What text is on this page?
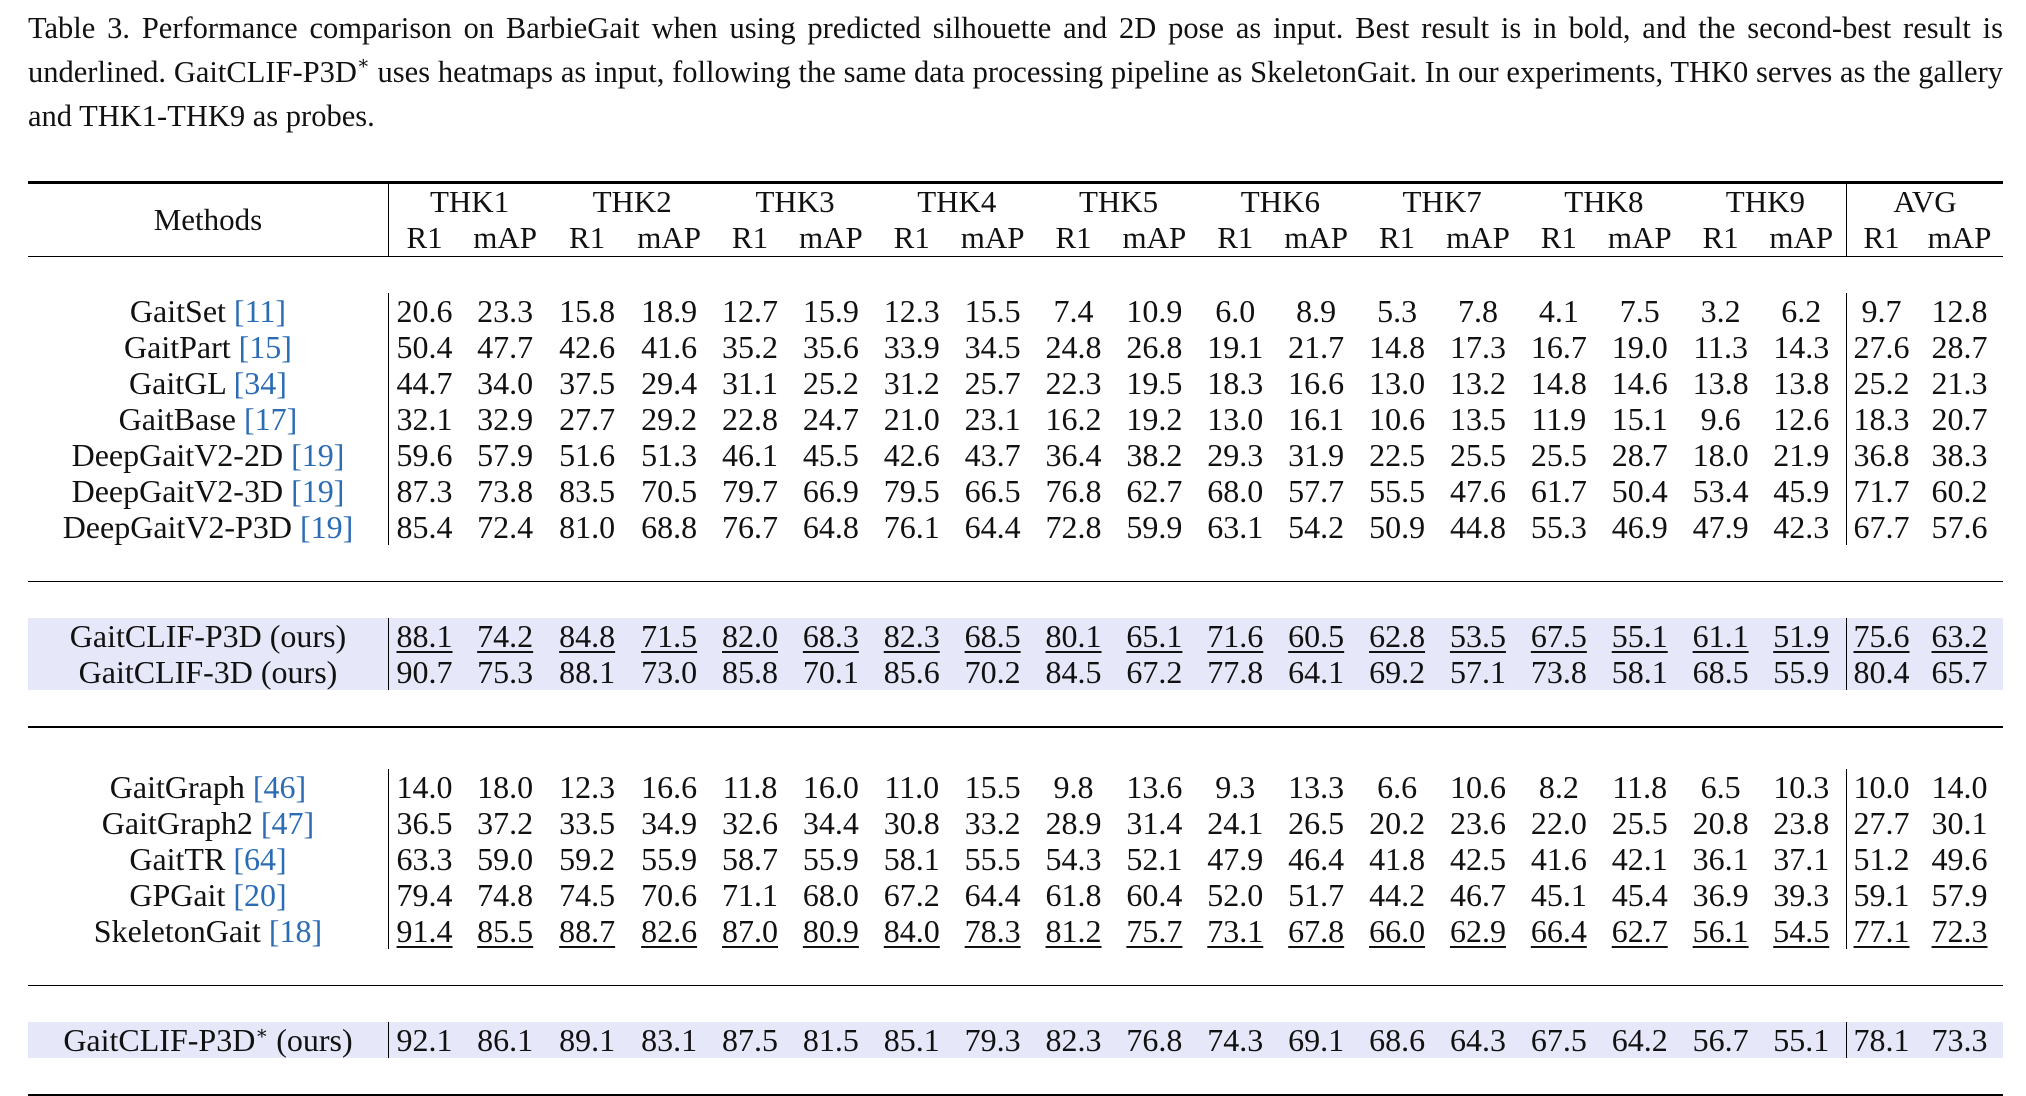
Table 3. Performance comparison on BarbieGait when using predicted silhouette and 2D pose as input. Best result is in bold, and the second-best result is underlined. GaitCLIF-P3D∗ uses heatmaps as input, following the same data processing pipeline as SkeletonGait. In our experiments, THK0 serves as the gallery and THK1-THK9 as probes.
Methods	THK1		THK2		THK3		THK4		THK5		THK6		THK7		THK8		THK9		AVG	
	R1	mAP	R1	mAP	R1	mAP	R1	mAP	R1	mAP	R1	mAP	R1	mAP	R1	mAP	R1	mAP	R1	mAP

GaitSet [11]	20.6	23.3	15.8	18.9	12.7	15.9	12.3	15.5	7.4	10.9	6.0	8.9	5.3	7.8	4.1	7.5	3.2	6.2	9.7	12.8
GaitPart [15]	50.4	47.7	42.6	41.6	35.2	35.6	33.9	34.5	24.8	26.8	19.1	21.7	14.8	17.3	16.7	19.0	11.3	14.3	27.6	28.7
GaitGL [34]	44.7	34.0	37.5	29.4	31.1	25.2	31.2	25.7	22.3	19.5	18.3	16.6	13.0	13.2	14.8	14.6	13.8	13.8	25.2	21.3
GaitBase [17]	32.1	32.9	27.7	29.2	22.8	24.7	21.0	23.1	16.2	19.2	13.0	16.1	10.6	13.5	11.9	15.1	9.6	12.6	18.3	20.7
DeepGaitV2-2D [19]	59.6	57.9	51.6	51.3	46.1	45.5	42.6	43.7	36.4	38.2	29.3	31.9	22.5	25.5	25.5	28.7	18.0	21.9	36.8	38.3
DeepGaitV2-3D [19]	87.3	73.8	83.5	70.5	79.7	66.9	79.5	66.5	76.8	62.7	68.0	57.7	55.5	47.6	61.7	50.4	53.4	45.9	71.7	60.2
DeepGaitV2-P3D [19]	85.4	72.4	81.0	68.8	76.7	64.8	76.1	64.4	72.8	59.9	63.1	54.2	50.9	44.8	55.3	46.9	47.9	42.3	67.7	57.6

GaitCLIF-P3D (ours)	88.1	74.2	84.8	71.5	82.0	68.3	82.3	68.5	80.1	65.1	71.6	60.5	62.8	53.5	67.5	55.1	61.1	51.9	75.6	63.2
GaitCLIF-3D (ours)	90.7	75.3	88.1	73.0	85.8	70.1	85.6	70.2	84.5	67.2	77.8	64.1	69.2	57.1	73.8	58.1	68.5	55.9	80.4	65.7

GaitGraph [46]	14.0	18.0	12.3	16.6	11.8	16.0	11.0	15.5	9.8	13.6	9.3	13.3	6.6	10.6	8.2	11.8	6.5	10.3	10.0	14.0
GaitGraph2 [47]	36.5	37.2	33.5	34.9	32.6	34.4	30.8	33.2	28.9	31.4	24.1	26.5	20.2	23.6	22.0	25.5	20.8	23.8	27.7	30.1
GaitTR [64]	63.3	59.0	59.2	55.9	58.7	55.9	58.1	55.5	54.3	52.1	47.9	46.4	41.8	42.5	41.6	42.1	36.1	37.1	51.2	49.6
GPGait [20]	79.4	74.8	74.5	70.6	71.1	68.0	67.2	64.4	61.8	60.4	52.0	51.7	44.2	46.7	45.1	45.4	36.9	39.3	59.1	57.9
SkeletonGait [18]	91.4	85.5	88.7	82.6	87.0	80.9	84.0	78.3	81.2	75.7	73.1	67.8	66.0	62.9	66.4	62.7	56.1	54.5	77.1	72.3

GaitCLIF-P3D∗ (ours)	92.1	86.1	89.1	83.1	87.5	81.5	85.1	79.3	82.3	76.8	74.3	69.1	68.6	64.3	67.5	64.2	56.7	55.1	78.1	73.3
